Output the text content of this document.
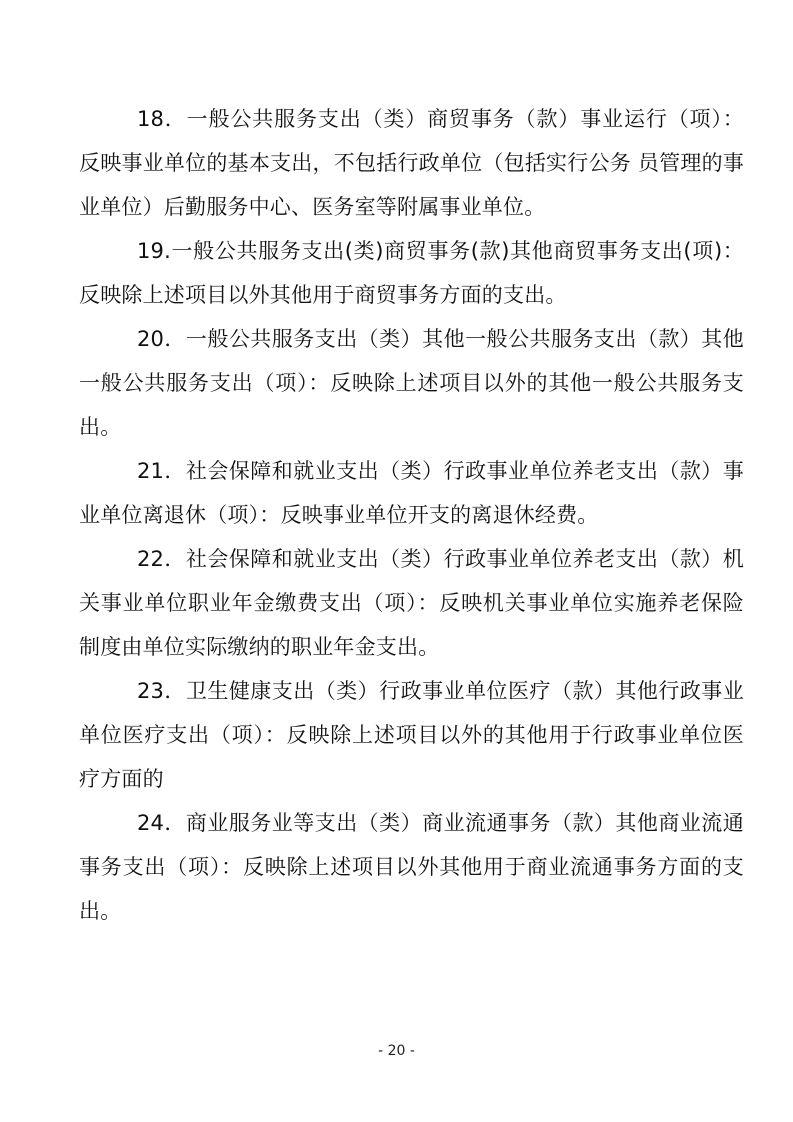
18．一般公共服务支出（类）商贸事务（款）事业运行（项）：反映事业单位的基本支出，不包括行政单位（包括实行公务 员管理的事业单位）后勤服务中心、医务室等附属事业单位。

19.一般公共服务支出(类)商贸事务(款)其他商贸事务支出(项)：反映除上述项目以外其他用于商贸事务方面的支出。

20．一般公共服务支出（类）其他一般公共服务支出（款）其他一般公共服务支出（项）：反映除上述项目以外的其他一般公共服务支出。

21．社会保障和就业支出（类）行政事业单位养老支出（款）事业单位离退休（项）：反映事业单位开支的离退休经费。

22．社会保障和就业支出（类）行政事业单位养老支出（款）机关事业单位职业年金缴费支出（项）：反映机关事业单位实施养老保险制度由单位实际缴纳的职业年金支出。

23．卫生健康支出（类）行政事业单位医疗（款）其他行政事业单位医疗支出（项）：反映除上述项目以外的其他用于行政事业单位医疗方面的

24．商业服务业等支出（类）商业流通事务（款）其他商业流通事务支出（项）：反映除上述项目以外其他用于商业流通事务方面的支出。

- 20 -
